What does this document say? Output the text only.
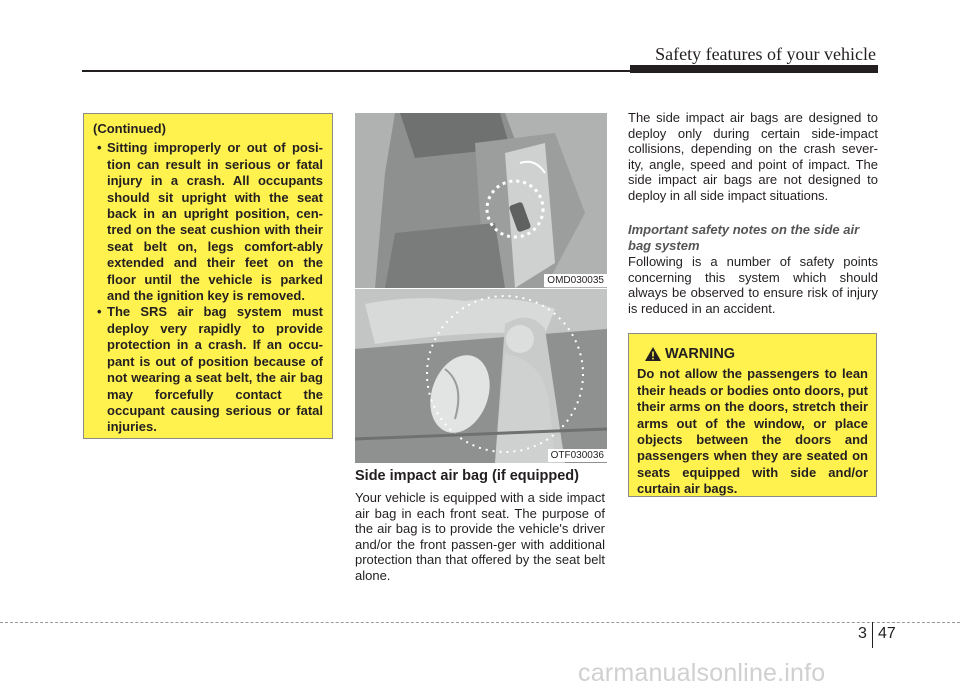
Safety features of your vehicle
(Continued)
• Sitting improperly or out of posi-tion can result in serious or fatal injury in a crash. All occupants should sit upright with the seat back in an upright position, cen-tred on the seat cushion with their seat belt on, legs comfort-ably extended and their feet on the floor until the vehicle is parked and the ignition key is removed.
• The SRS air bag system must deploy very rapidly to provide protection in a crash. If an occu-pant is out of position because of not wearing a seat belt, the air bag may forcefully contact the occupant causing serious or fatal injuries.
OMD030035
OTF030036
Side impact air bag (if equipped)

Your vehicle is equipped with a side impact air bag in each front seat. The purpose of the air bag is to provide the vehicle's driver and/or the front passen-ger with additional protection than that offered by the seat belt alone.

The side impact air bags are designed to deploy only during certain side-impact collisions, depending on the crash sever-ity, angle, speed and point of impact. The side impact air bags are not designed to deploy in all side impact situations.

Important safety notes on the side air bag system

Following is a number of safety points concerning this system which should always be observed to ensure risk of injury is reduced in an accident.

WARNING
Do not allow the passengers to lean their heads or bodies onto doors, put their arms on the doors, stretch their arms out of the window, or place objects between the doors and passengers when they are seated on seats equipped with side and/or curtain air bags.
3 47
carmanualsonline.info
